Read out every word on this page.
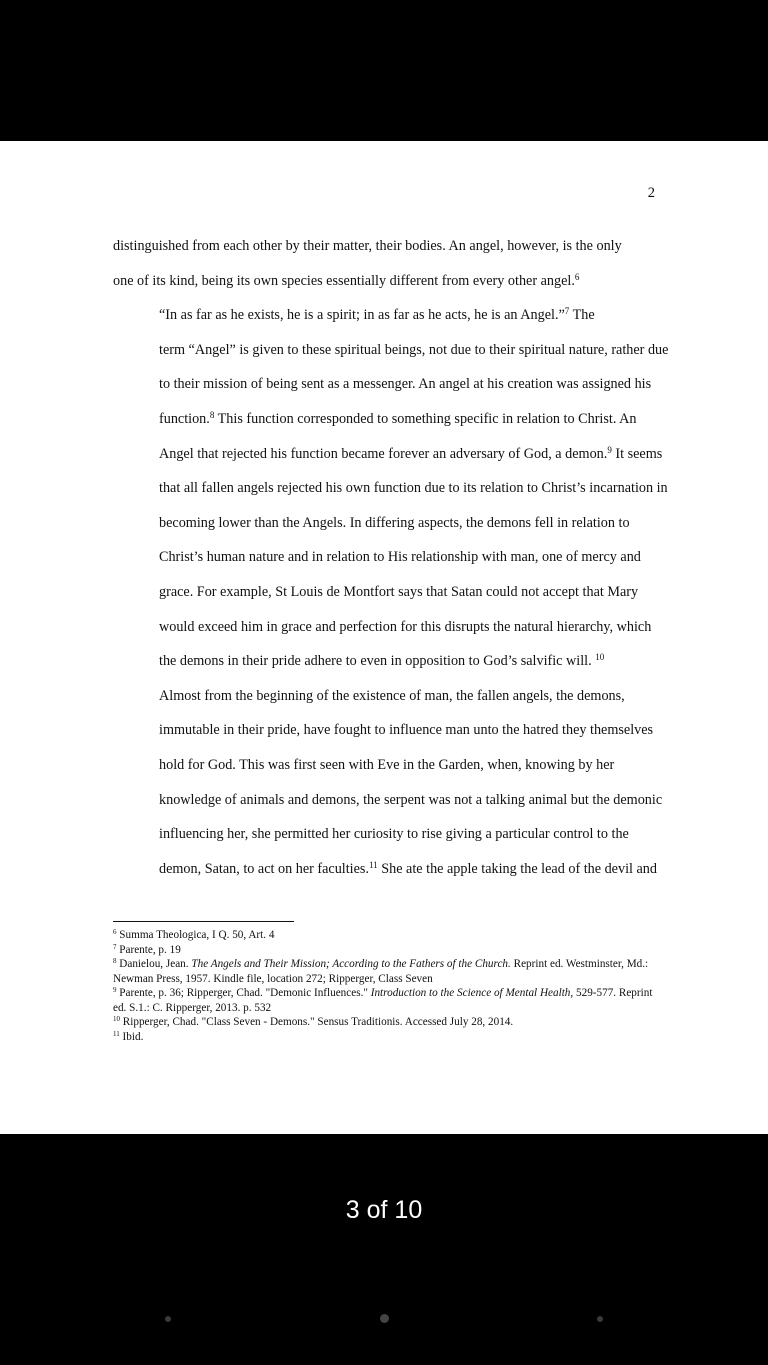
2

distinguished from each other by their matter, their bodies. An angel, however, is the only
one of its kind, being its own species essentially different from every other angel.$^6$

“In as far as he exists, he is a spirit; in as far as he acts, he is an Angel.”$^7$ The
term “Angel” is given to these spiritual beings, not due to their spiritual nature, rather due
to their mission of being sent as a messenger. An angel at his creation was assigned his
function.$^8$ This function corresponded to something specific in relation to Christ. An
Angel that rejected his function became forever an adversary of God, a demon.$^9$ It seems
that all fallen angels rejected his own function due to its relation to Christ’s incarnation in
becoming lower than the Angels. In differing aspects, the demons fell in relation to
Christ’s human nature and in relation to His relationship with man, one of mercy and
grace. For example, St Louis de Montfort says that Satan could not accept that Mary
would exceed him in grace and perfection for this disrupts the natural hierarchy, which
the demons in their pride adhere to even in opposition to God’s salvific will. $^{10}$

Almost from the beginning of the existence of man, the fallen angels, the demons,
immutable in their pride, have fought to influence man unto the hatred they themselves
hold for God. This was first seen with Eve in the Garden, when, knowing by her
knowledge of animals and demons, the serpent was not a talking animal but the demonic
influencing her, she permitted her curiosity to rise giving a particular control to the
demon, Satan, to act on her faculties.$^{11}$ She ate the apple taking the lead of the devil and

$^6$ Summa Theologica, I Q. 50, Art. 4
$^7$ Parente, p. 19
$^8$ Danielou, Jean. The Angels and Their Mission; According to the Fathers of the Church. Reprint ed. Westminster, Md.: Newman Press, 1957. Kindle file, location 272; Ripperger, Class Seven
$^9$ Parente, p. 36; Ripperger, Chad. "Demonic Influences." Introduction to the Science of Mental Health, 529-577. Reprint ed. S.1.: C. Ripperger, 2013. p. 532
$^{10}$ Ripperger, Chad. "Class Seven - Demons." Sensus Traditionis. Accessed July 28, 2014.
$^{11}$ Ibid.
3 of 10
